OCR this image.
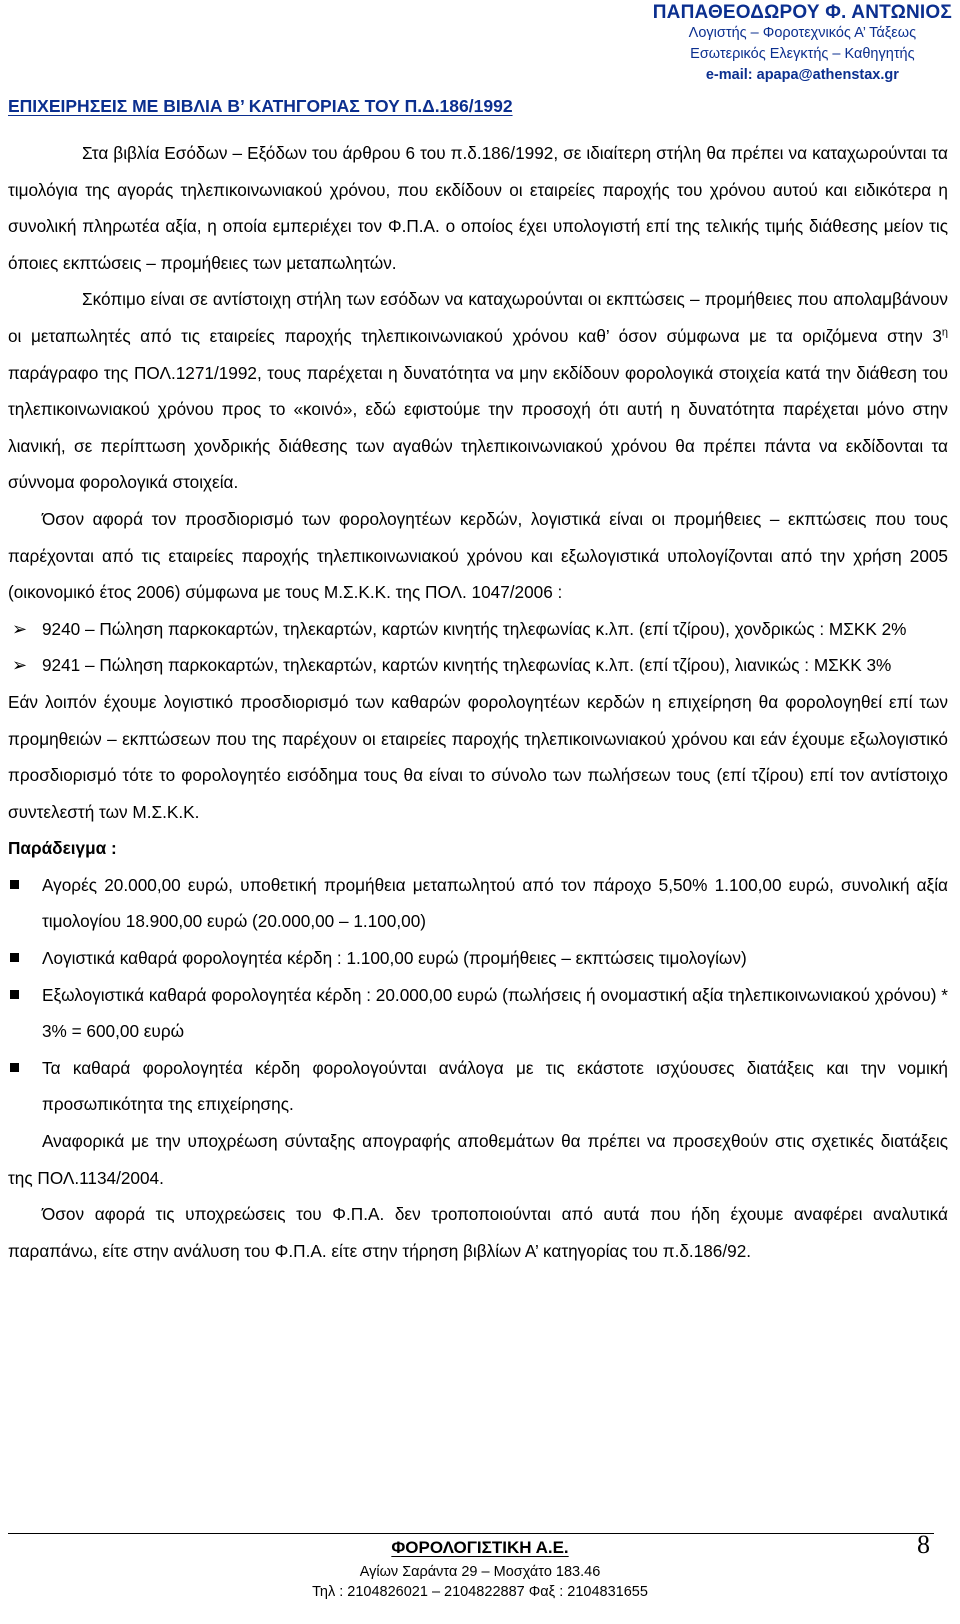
ΠΑΠΑΘΕΟΔΩΡΟΥ Φ. ΑΝΤΩΝΙΟΣ
Λογιστής – Φοροτεχνικός Α’ Τάξεως
Εσωτερικός Ελεγκτής – Καθηγητής
e-mail: apapa@athenstax.gr
ΕΠΙΧΕΙΡΗΣΕΙΣ ΜΕ ΒΙΒΛΙΑ Β’ ΚΑΤΗΓΟΡΙΑΣ ΤΟΥ Π.Δ.186/1992

Στα βιβλία Εσόδων – Εξόδων του άρθρου 6 του π.δ.186/1992, σε ιδιαίτερη στήλη θα πρέπει να καταχωρούνται τα τιμολόγια της αγοράς τηλεπικοινωνιακού χρόνου, που εκδίδουν οι εταιρείες παροχής του χρόνου αυτού και ειδικότερα η συνολική πληρωτέα αξία, η οποία εμπεριέχει τον Φ.Π.Α. ο οποίος έχει υπολογιστή επί της τελικής τιμής διάθεσης μείον τις όποιες εκπτώσεις – προμήθειες των μεταπωλητών.

Σκόπιμο είναι σε αντίστοιχη στήλη των εσόδων να καταχωρούνται οι εκπτώσεις – προμήθειες που απολαμβάνουν οι μεταπωλητές από τις εταιρείες παροχής τηλεπικοινωνιακού χρόνου καθ’ όσον σύμφωνα με τα οριζόμενα στην $3^\eta$ παράγραφο της ΠΟΛ.1271/1992, τους παρέχεται η δυνατότητα να μην εκδίδουν φορολογικά στοιχεία κατά την διάθεση του τηλεπικοινωνιακού χρόνου προς το «κοινό», εδώ εφιστούμε την προσοχή ότι αυτή η δυνατότητα παρέχεται μόνο στην λιανική, σε περίπτωση χονδρικής διάθεσης των αγαθών τηλεπικοινωνιακού χρόνου θα πρέπει πάντα να εκδίδονται τα σύννομα φορολογικά στοιχεία.

Όσον αφορά τον προσδιορισμό των φορολογητέων κερδών, λογιστικά είναι οι προμήθειες – εκπτώσεις που τους παρέχονται από τις εταιρείες παροχής τηλεπικοινωνιακού χρόνου και εξωλογιστικά υπολογίζονται από την χρήση 2005 (οικονομικό έτος 2006) σύμφωνα με τους Μ.Σ.Κ.Κ. της ΠΟΛ. 1047/2006 :

➢ 9240 – Πώληση παρκοκαρτών, τηλεκαρτών, καρτών κινητής τηλεφωνίας κ.λπ. (επί τζίρου), χονδρικώς : ΜΣΚΚ 2%
➢ 9241 – Πώληση παρκοκαρτών, τηλεκαρτών, καρτών κινητής τηλεφωνίας κ.λπ. (επί τζίρου), λιανικώς : ΜΣΚΚ 3%

Εάν λοιπόν έχουμε λογιστικό προσδιορισμό των καθαρών φορολογητέων κερδών η επιχείρηση θα φορολογηθεί επί των προμηθειών – εκπτώσεων που της παρέχουν οι εταιρείες παροχής τηλεπικοινωνιακού χρόνου και εάν έχουμε εξωλογιστικό προσδιορισμό τότε το φορολογητέο εισόδημα τους θα είναι το σύνολο των πωλήσεων τους (επί τζίρου) επί τον αντίστοιχο συντελεστή των Μ.Σ.Κ.Κ.

Παράδειγμα :

Αγορές 20.000,00 ευρώ, υποθετική προμήθεια μεταπωλητού από τον πάροχο 5,50% 1.100,00 ευρώ, συνολική αξία τιμολογίου 18.900,00 ευρώ (20.000,00 – 1.100,00)
Λογιστικά καθαρά φορολογητέα κέρδη : 1.100,00 ευρώ (προμήθειες – εκπτώσεις τιμολογίων)
Εξωλογιστικά καθαρά φορολογητέα κέρδη : 20.000,00 ευρώ (πωλήσεις ή ονομαστική αξία τηλεπικοινωνιακού χρόνου) * 3% = 600,00 ευρώ
Τα καθαρά φορολογητέα κέρδη φορολογούνται ανάλογα με τις εκάστοτε ισχύουσες διατάξεις και την νομική προσωπικότητα της επιχείρησης.

Αναφορικά με την υποχρέωση σύνταξης απογραφής αποθεμάτων θα πρέπει να προσεχθούν στις σχετικές διατάξεις της ΠΟΛ.1134/2004.

Όσον αφορά τις υποχρεώσεις του Φ.Π.Α. δεν τροποποιούνται από αυτά που ήδη έχουμε αναφέρει αναλυτικά παραπάνω, είτε στην ανάλυση του Φ.Π.Α. είτε στην τήρηση βιβλίων Α’ κατηγορίας του π.δ.186/92.

ΦΟΡΟΛΟΓΙΣΤΙΚΗ Α.Ε.
Αγίων Σαράντα 29 – Μοσχάτο 183.46
Τηλ : 2104826021 – 2104822887 Φαξ : 2104831655
8
